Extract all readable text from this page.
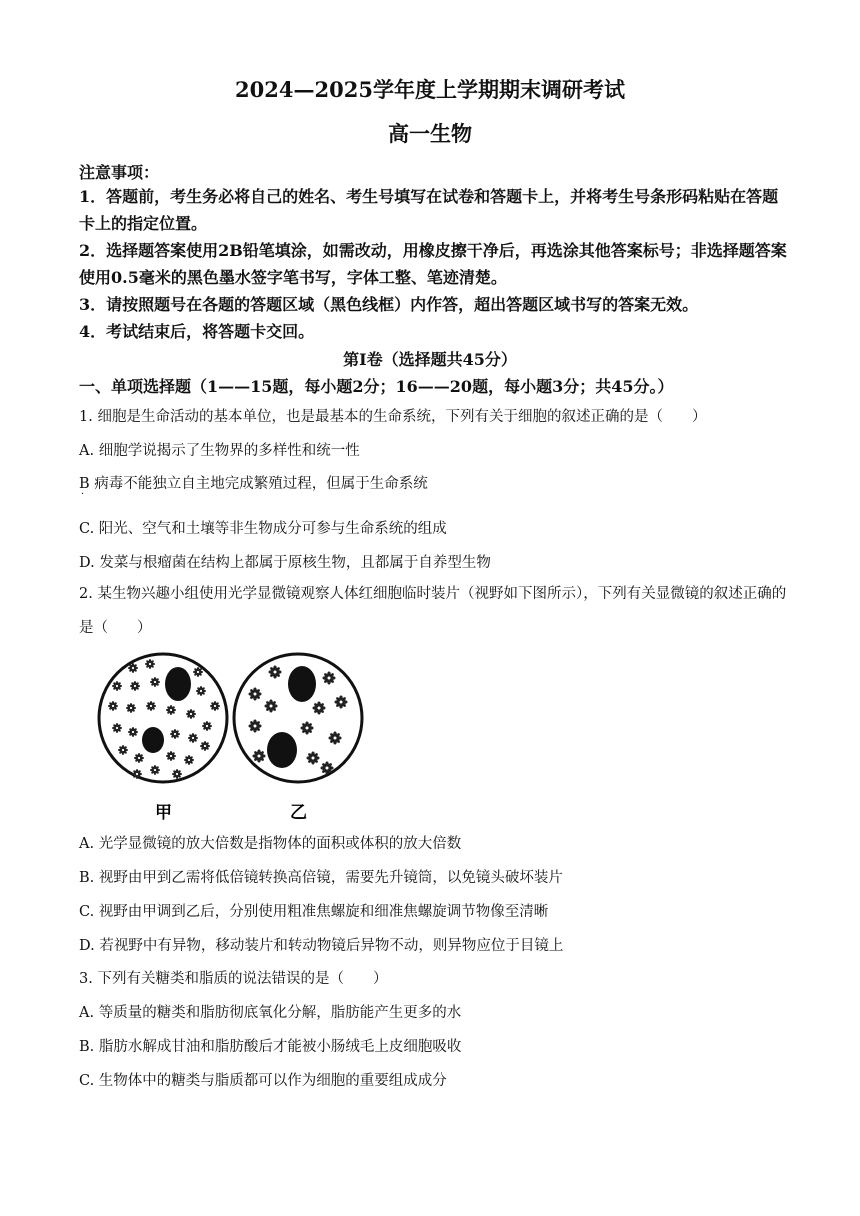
2024—2025学年度上学期期末调研考试
高一生物
注意事项：
1．答题前，考生务必将自己的姓名、考生号填写在试卷和答题卡上，并将考生号条形码粘贴在答题卡上的指定位置。
2．选择题答案使用2B铅笔填涂，如需改动，用橡皮擦干净后，再选涂其他答案标号；非选择题答案使用0.5毫米的黑色墨水签字笔书写，字体工整、笔迹清楚。
3．请按照题号在各题的答题区域（黑色线框）内作答，超出答题区域书写的答案无效。
4．考试结束后，将答题卡交回。
第Ⅰ卷（选择题共45分）
一、单项选择题（1——15题，每小题2分；16——20题，每小题3分；共45分。）
1. 细胞是生命活动的基本单位，也是最基本的生命系统，下列有关于细胞的叙述正确的是（　　）
A. 细胞学说揭示了生物界的多样性和统一性
B 病毒不能独立自主地完成繁殖过程，但属于生命系统
·
C. 阳光、空气和土壤等非生物成分可参与生命系统的组成
D. 发菜与根瘤菌在结构上都属于原核生物，且都属于自养型生物
2. 某生物兴趣小组使用光学显微镜观察人体红细胞临时装片（视野如下图所示），下列有关显微镜的叙述正确的是（　　）
甲	乙
A. 光学显微镜的放大倍数是指物体的面积或体积的放大倍数
B. 视野由甲到乙需将低倍镜转换高倍镜，需要先升镜筒，以免镜头破坏装片
C. 视野由甲调到乙后，分别使用粗准焦螺旋和细准焦螺旋调节物像至清晰
D. 若视野中有异物，移动装片和转动物镜后异物不动，则异物应位于目镜上
3. 下列有关糖类和脂质的说法错误的是（　　）
A. 等质量的糖类和脂肪彻底氧化分解，脂肪能产生更多的水
B. 脂肪水解成甘油和脂肪酸后才能被小肠绒毛上皮细胞吸收
C. 生物体中的糖类与脂质都可以作为细胞的重要组成成分
